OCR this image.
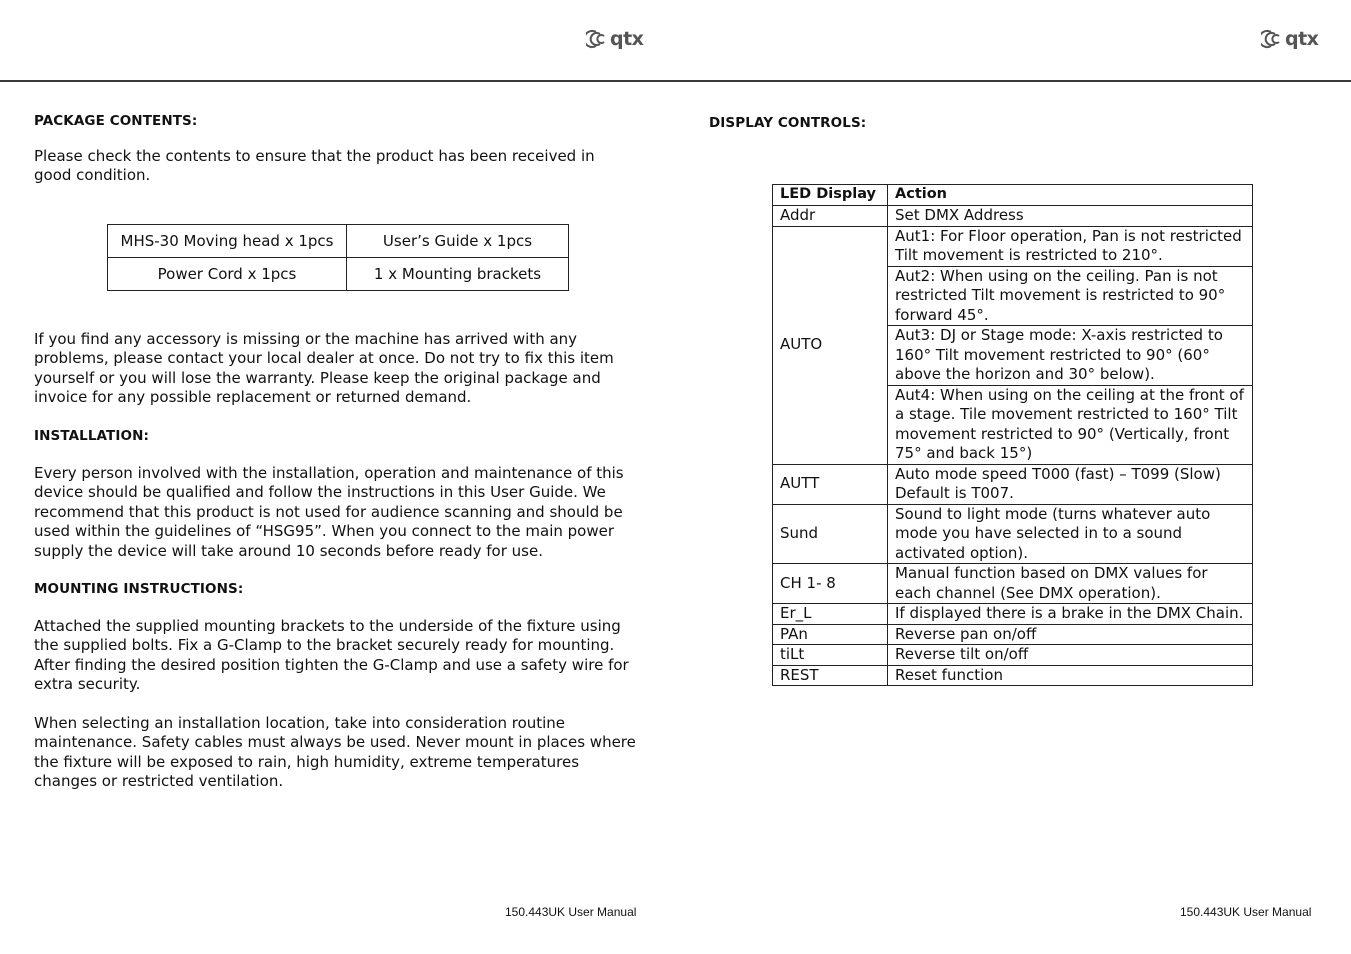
qtx	qtx
PACKAGE CONTENTS:

Please check the contents to ensure that the product has been received in good condition.

MHS-30 Moving head x 1pcs	User’s Guide x 1pcs
Power Cord x 1pcs	1 x Mounting brackets

If you find any accessory is missing or the machine has arrived with any problems, please contact your local dealer at once. Do not try to fix this item yourself or you will lose the warranty. Please keep the original package and invoice for any possible replacement or returned demand.

INSTALLATION:

Every person involved with the installation, operation and maintenance of this device should be qualified and follow the instructions in this User Guide. We recommend that this product is not used for audience scanning and should be used within the guidelines of “HSG95”. When you connect to the main power supply the device will take around 10 seconds before ready for use.

MOUNTING INSTRUCTIONS:

Attached the supplied mounting brackets to the underside of the fixture using the supplied bolts. Fix a G-Clamp to the bracket securely ready for mounting. After finding the desired position tighten the G-Clamp and use a safety wire for extra security.

When selecting an installation location, take into consideration routine maintenance. Safety cables must always be used. Never mount in places where the fixture will be exposed to rain, high humidity, extreme temperatures changes or restricted ventilation.

150.443UK User Manual
DISPLAY CONTROLS:
LED Display	Action
Addr	Set DMX Address
AUTO	Aut1: For Floor operation, Pan is not restricted Tilt movement is restricted to 210°.
	Aut2: When using on the ceiling. Pan is not restricted Tilt movement is restricted to 90° forward 45°.
	Aut3: DJ or Stage mode: X-axis restricted to 160° Tilt movement restricted to 90° (60° above the horizon and 30° below).
	Aut4: When using on the ceiling at the front of a stage. Tile movement restricted to 160° Tilt movement restricted to 90° (Vertically, front 75° and back 15°)
AUTT	Auto mode speed T000 (fast) – T099 (Slow) Default is T007.
Sund	Sound to light mode (turns whatever auto mode you have selected in to a sound activated option).
CH 1- 8	Manual function based on DMX values for each channel (See DMX operation).
Er_L	If displayed there is a brake in the DMX Chain.
PAn	Reverse pan on/off
tiLt	Reverse tilt on/off
REST	Reset function
150.443UK User Manual
